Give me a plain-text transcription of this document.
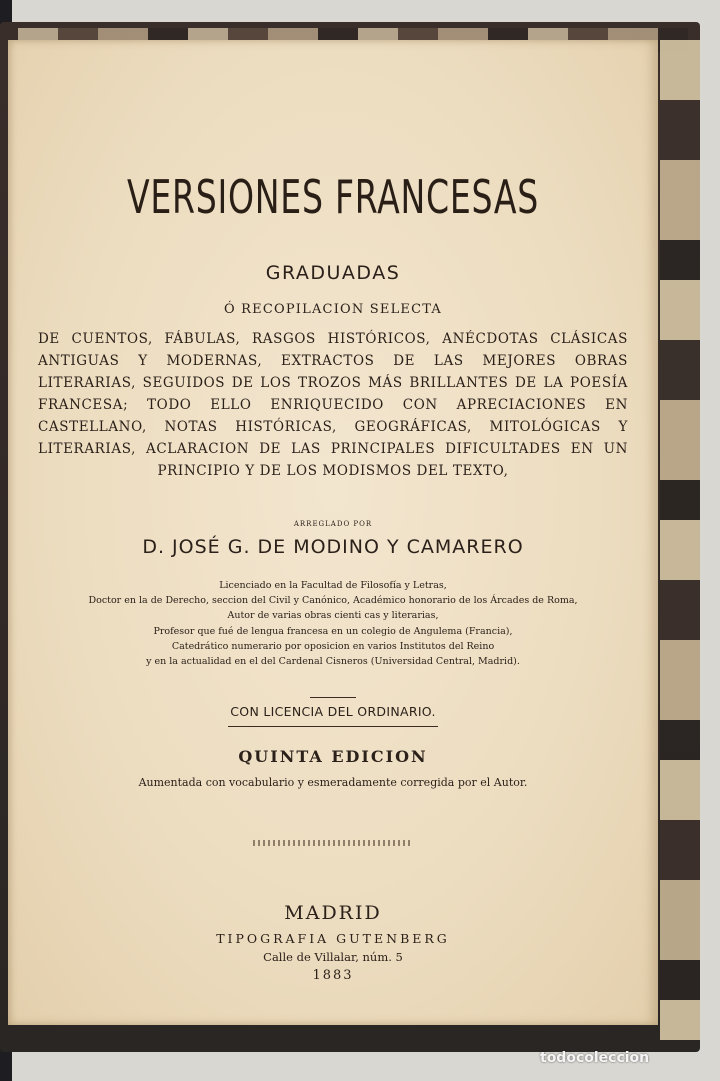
VERSIONES FRANCESAS
GRADUADAS
Ó RECOPILACION SELECTA
DE CUENTOS, FÁBULAS, RASGOS HISTÓRICOS, ANÉCDOTAS CLÁSICAS ANTIGUAS Y MODERNAS, EXTRACTOS DE LAS MEJORES OBRAS LITERARIAS, SEGUIDOS DE LOS TROZOS MÁS BRILLANTES DE LA POESÍA FRANCESA; TODO ELLO ENRIQUECIDO CON APRECIACIONES EN CASTELLANO, NOTAS HISTÓRICAS, GEOGRÁFICAS, MITOLÓGICAS Y LITERARIAS, ACLARACION DE LAS PRINCIPALES DIFICULTADES EN UN PRINCIPIO Y DE LOS MODISMOS DEL TEXTO,
ARREGLADO POR
D. JOSÉ G. DE MODINO Y CAMARERO
Licenciado en la Facultad de Filosofía y Letras,
Doctor en la de Derecho, seccion del Civil y Canónico, Académico honorario de los Árcades de Roma,
Autor de varias obras cienti cas y literarias,
Profesor que fué de lengua francesa en un colegio de Angulema (Francia),
Catedrático numerario por oposicion en varios Institutos del Reino
y en la actualidad en el del Cardenal Cisneros (Universidad Central, Madrid).
CON LICENCIA DEL ORDINARIO.
QUINTA EDICION
Aumentada con vocabulario y esmeradamente corregida por el Autor.
MADRID
TIPOGRAFIA GUTENBERG
Calle de Villalar, núm. 5
1883
todocoleccion
